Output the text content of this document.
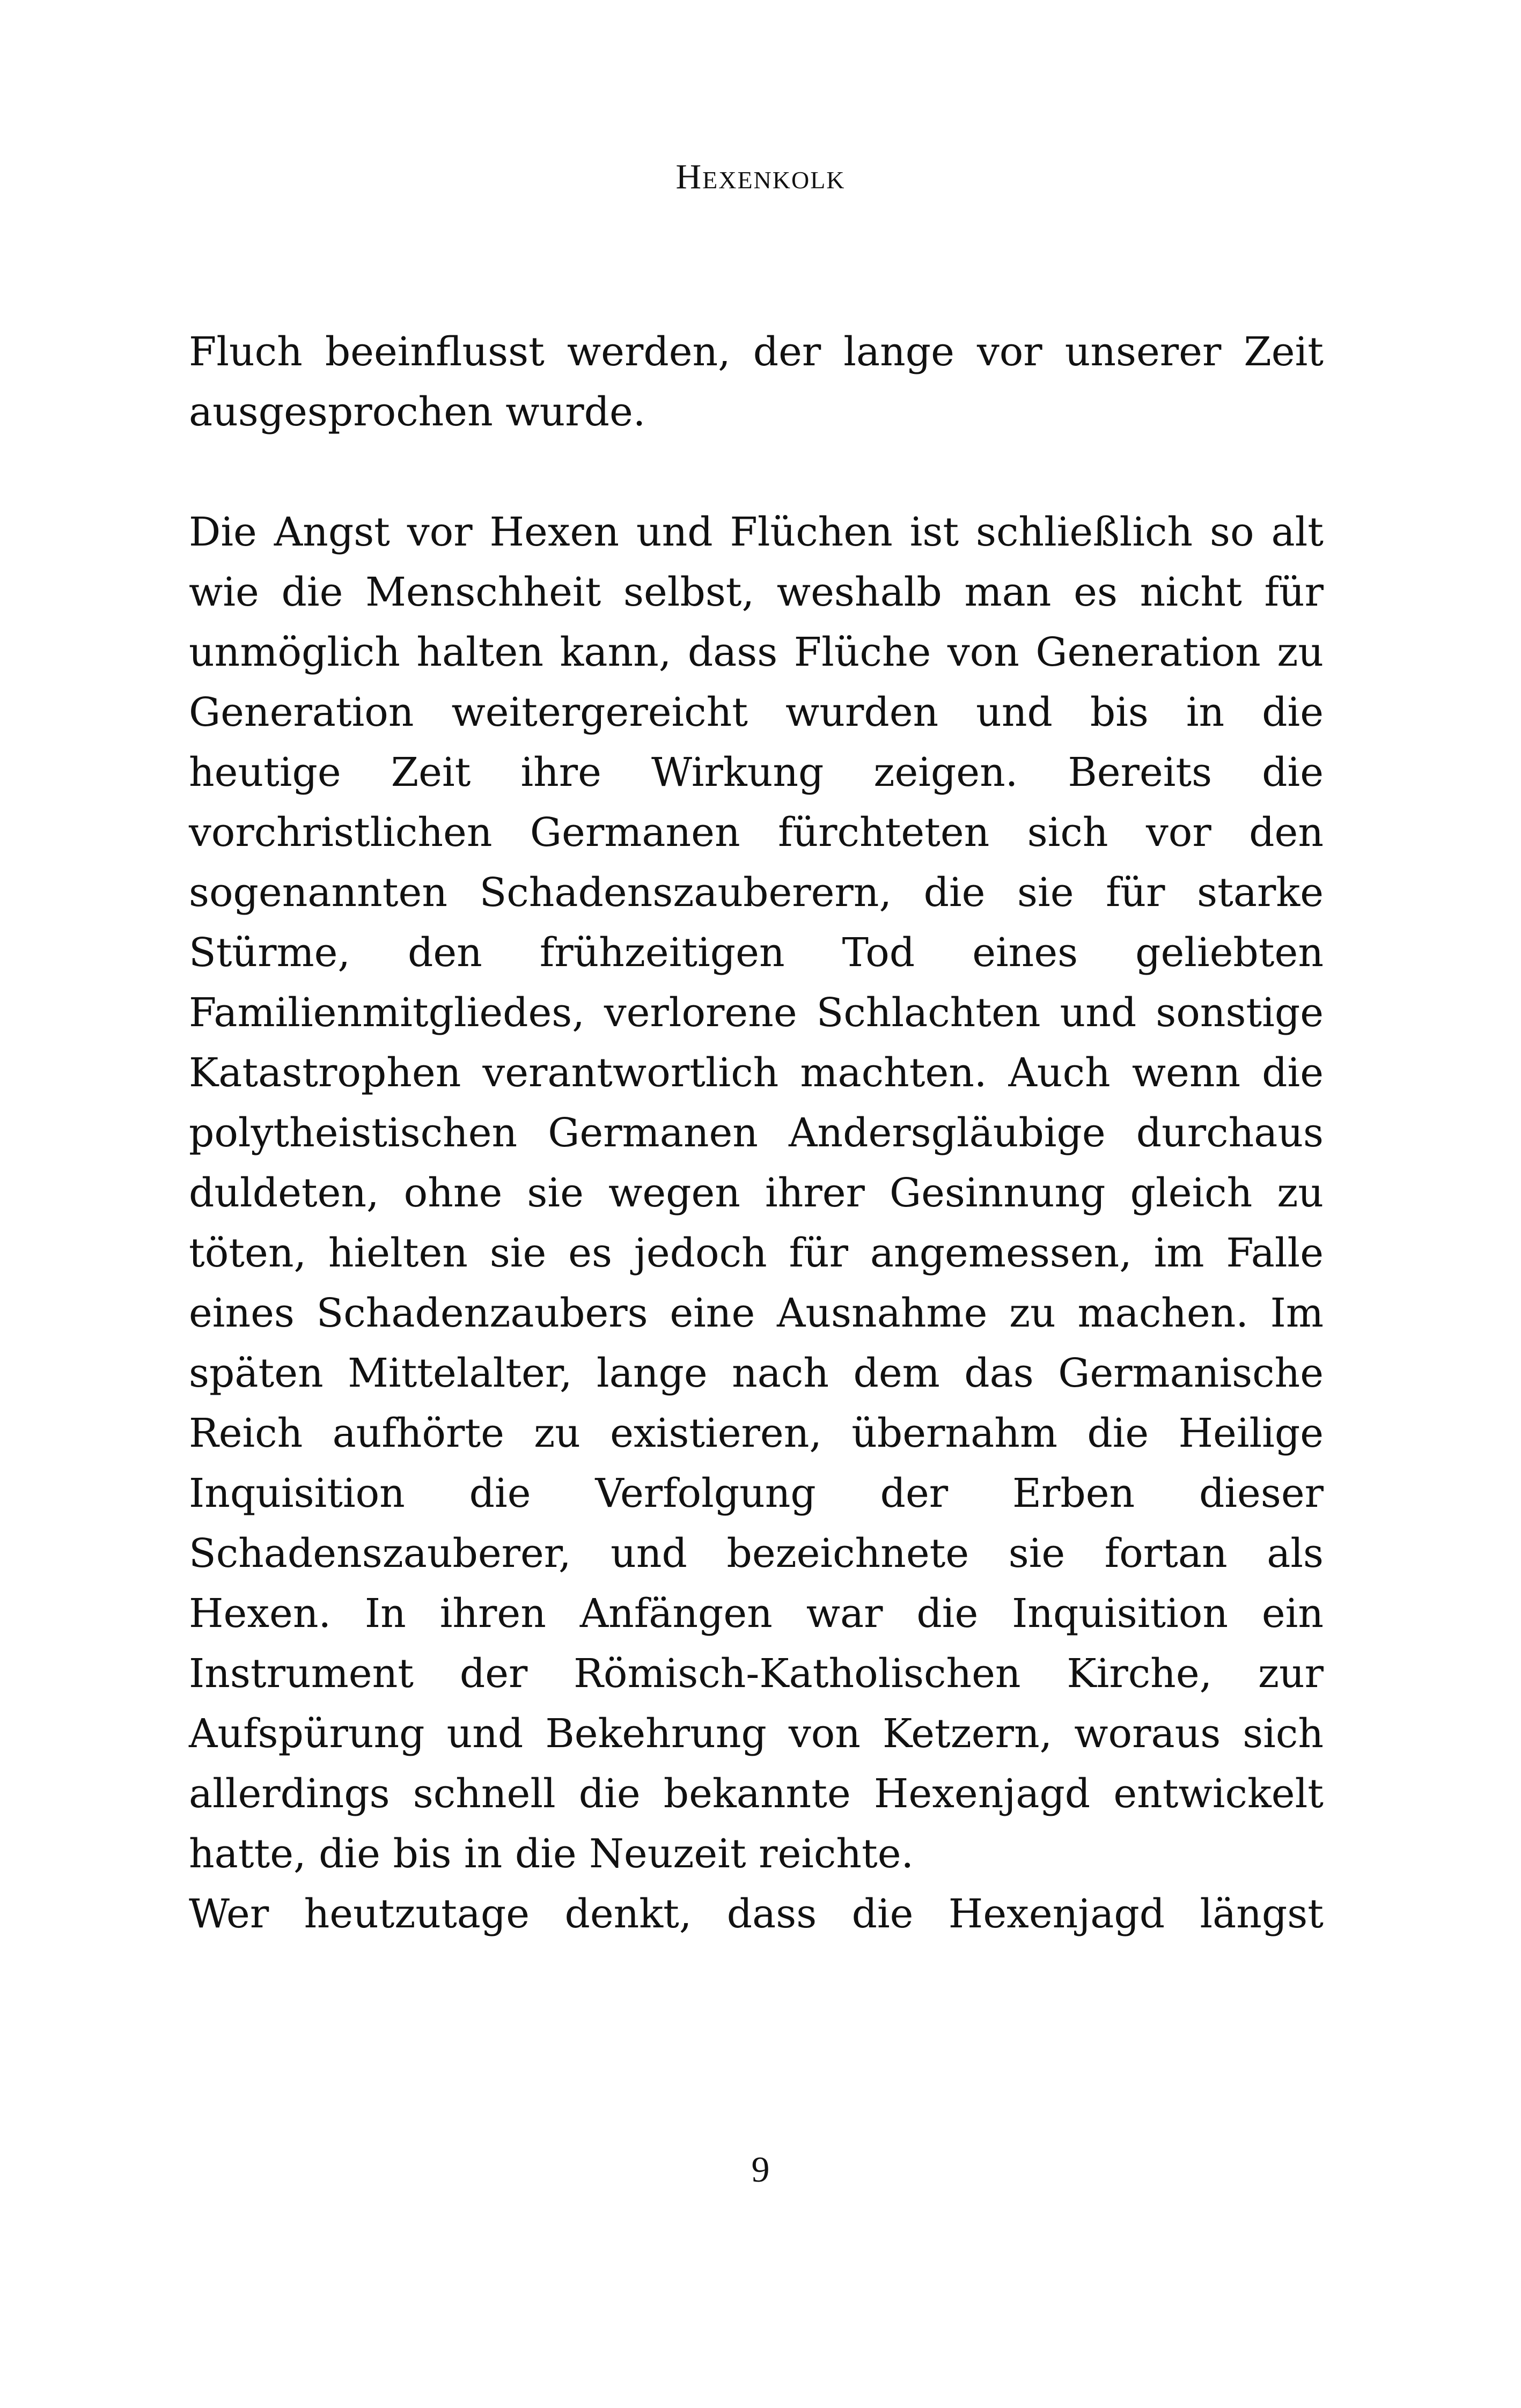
Hexenkolk

Fluch beeinflusst werden, der lange vor unserer Zeit ausgesprochen wurde.

Die Angst vor Hexen und Flüchen ist schließlich so alt wie die Menschheit selbst, weshalb man es nicht für unmöglich halten kann, dass Flüche von Generation zu Generation weitergereicht wurden und bis in die heutige Zeit ihre Wirkung zeigen. Bereits die vorchristlichen Germanen fürchteten sich vor den sogenannten Schadenszauberern, die sie für starke Stürme, den frühzeitigen Tod eines geliebten Familienmitgliedes, verlorene Schlachten und sonstige Katastrophen verantwortlich machten. Auch wenn die polytheistischen Germanen Andersgläubige durchaus duldeten, ohne sie wegen ihrer Gesinnung gleich zu töten, hielten sie es jedoch für angemessen, im Falle eines Schadenzaubers eine Ausnahme zu machen. Im späten Mittelalter, lange nach dem das Germanische Reich aufhörte zu existieren, übernahm die Heilige Inquisition die Verfolgung der Erben dieser Schadenszauberer, und bezeichnete sie fortan als Hexen. In ihren Anfängen war die Inquisition ein Instrument der Römisch-Katholischen Kirche, zur Aufspürung und Bekehrung von Ketzern, woraus sich allerdings schnell die bekannte Hexenjagd entwickelt hatte, die bis in die Neuzeit reichte.

Wer heutzutage denkt, dass die Hexenjagd längst

9
